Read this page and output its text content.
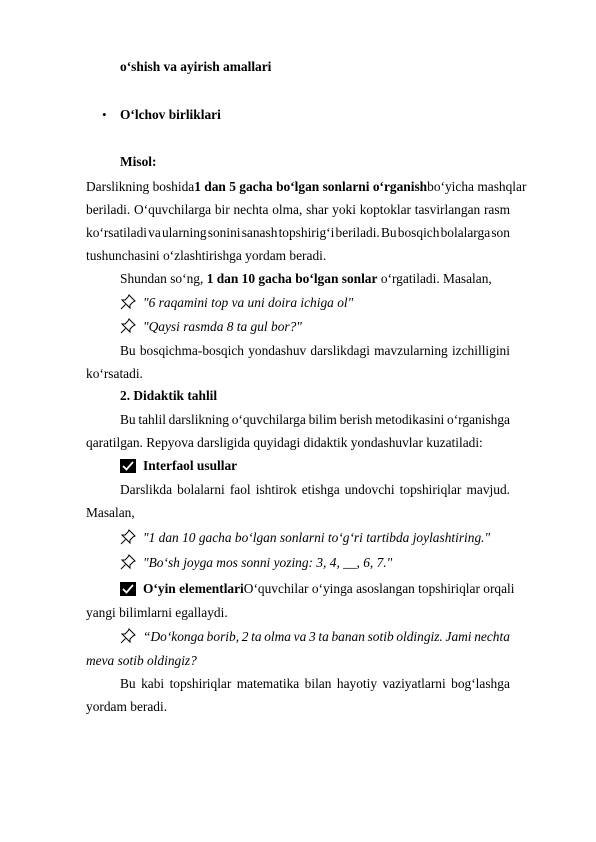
o‘shish va ayirish amallari
• O‘lchov birliklari
Misol:
Darslikning boshida 1 dan 5 gacha bo‘lgan sonlarni o‘rganish bo‘yicha mashqlar
beriladi. O‘quvchilarga bir nechta olma, shar yoki koptoklar tasvirlangan rasm
ko‘rsatiladi va ularning sonini sanash topshirig‘i beriladi. Bu bosqich bolalarga son
tushunchasini o‘zlashtirishga yordam beradi.
Shundan so‘ng, 1 dan 10 gacha bo‘lgan sonlar o‘rgatiladi. Masalan,
"6 raqamini top va uni doira ichiga ol"
"Qaysi rasmda 8 ta gul bor?"
Bu bosqichma-bosqich yondashuv darslikdagi mavzularning izchilligini
ko‘rsatadi.
2. Didaktik tahlil
Bu tahlil darslikning o‘quvchilarga bilim berish metodikasini o‘rganishga
qaratilgan. Repyova darsligida quyidagi didaktik yondashuvlar kuzatiladi:
Interfaol usullar
Darslikda bolalarni faol ishtirok etishga undovchi topshiriqlar mavjud.
Masalan,
"1 dan 10 gacha bo‘lgan sonlarni to‘g‘ri tartibda joylashtiring."
"Bo‘sh joyga mos sonni yozing: 3, 4, __, 6, 7."
O‘yin elementlari O‘quvchilar o‘yinga asoslangan topshiriqlar orqali
yangi bilimlarni egallaydi.
“Do‘konga borib, 2 ta olma va 3 ta banan sotib oldingiz. Jami nechta
meva sotib oldingiz?
Bu kabi topshiriqlar matematika bilan hayotiy vaziyatlarni bog‘lashga
yordam beradi.
